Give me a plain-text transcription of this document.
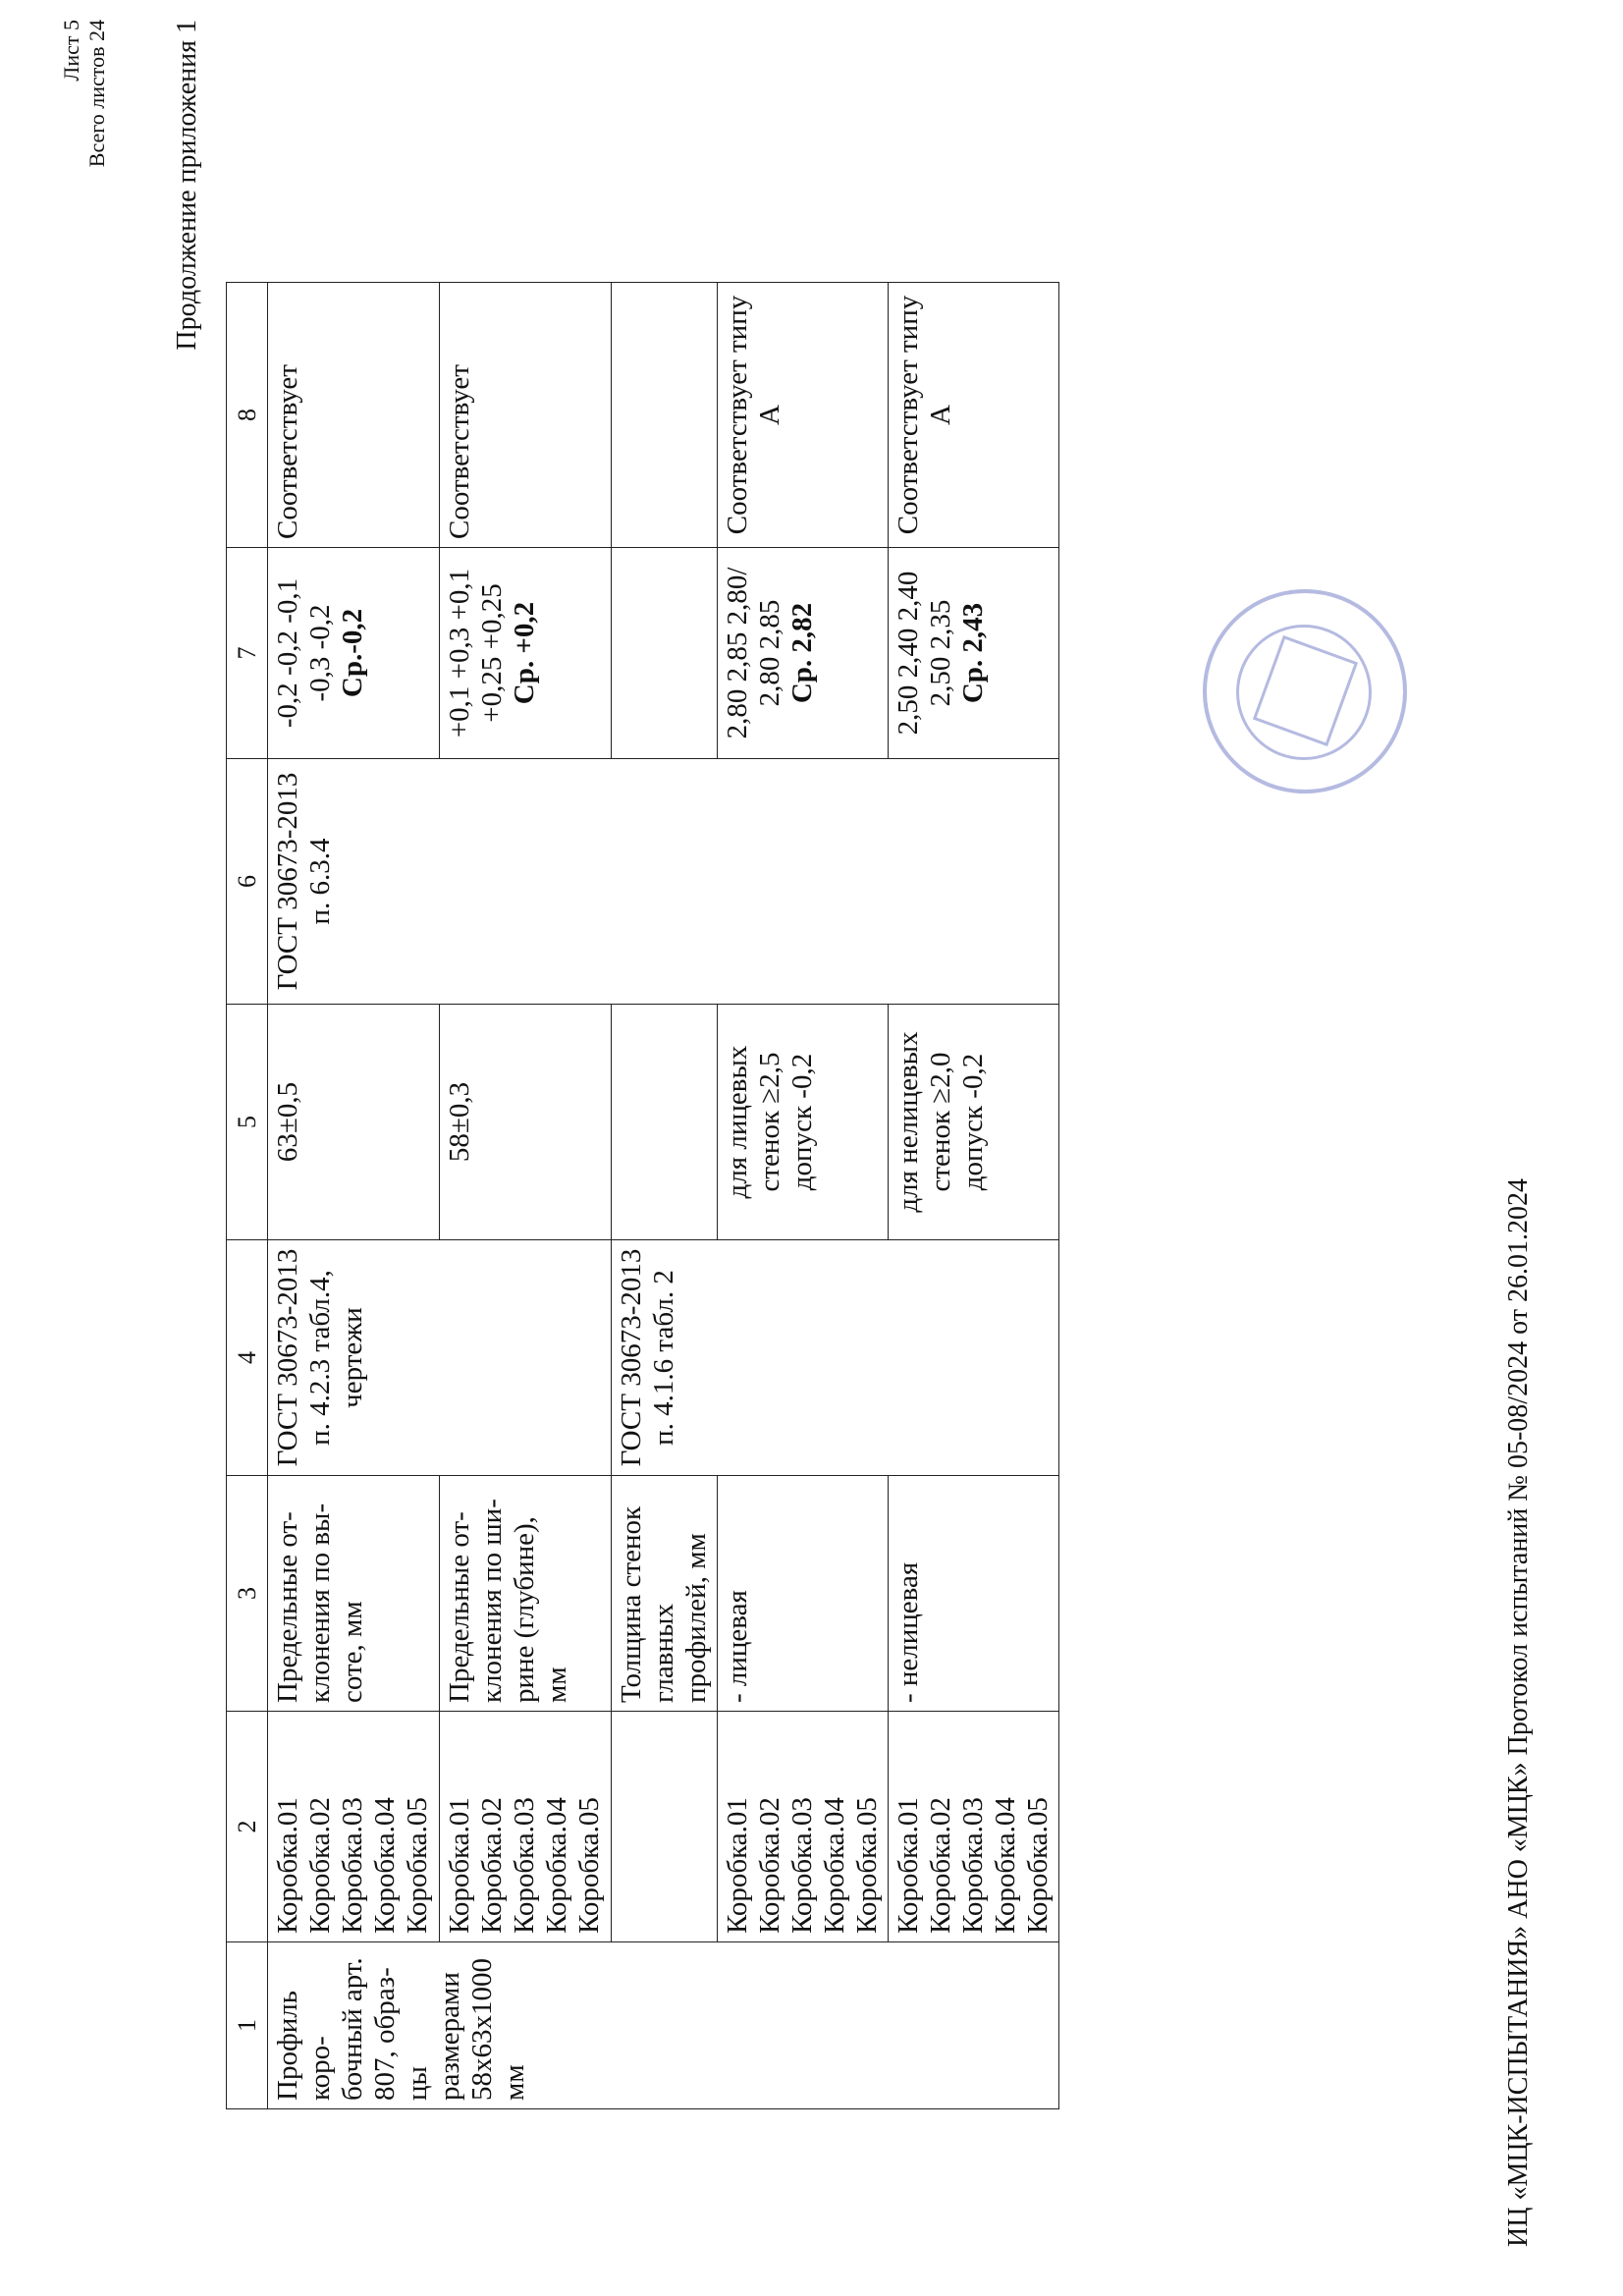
Лист 5 Всего листов 24 Продолжение приложения 1
1	2	3	4	5	6	7	8
Профиль коро-бочный арт. 807, образ-цы размерами 58х63х1000 мм	Коробка.01 Коробка.02 Коробка.03 Коробка.04 Коробка.05	Предельные от-клонения по вы-соте, мм	ГОСТ 30673-2013 п. 4.2.3 табл.4, чертежи	63±0,5	ГОСТ 30673-2013 п. 6.3.4	-0,2 -0,2 -0,1 -0,3 -0,2 Ср.-0,2	Соответствует
	Коробка.01 Коробка.02 Коробка.03 Коробка.04 Коробка.05	Предельные от-клонения по ши-рине (глубине), мм		58±0,3		+0,1 +0,3 +0,1 +0,25 +0,25 Ср. +0,2	Соответствует
		Толщина стенок главных профилей, мм	ГОСТ 30673-2013 п. 4.1.6 табл. 2				
	Коробка.01 Коробка.02 Коробка.03 Коробка.04 Коробка.05	- лицевая		для лицевых стенок ≥2,5 допуск -0,2		2,80 2,85 2,80/ 2,80 2,85 Ср. 2,82	Соответствует типу А
	Коробка.01 Коробка.02 Коробка.03 Коробка.04 Коробка.05	- нелицевая		для нелицевых стенок ≥2,0 допуск -0,2		2,50 2,40 2,40 2,50 2,35 Ср. 2,43	Соответствует типу А
ИЦ «МЦК-ИСПЫТАНИЯ» АНО «МЦК» Протокол испытаний № 05-08/2024 от 26.01.2024
